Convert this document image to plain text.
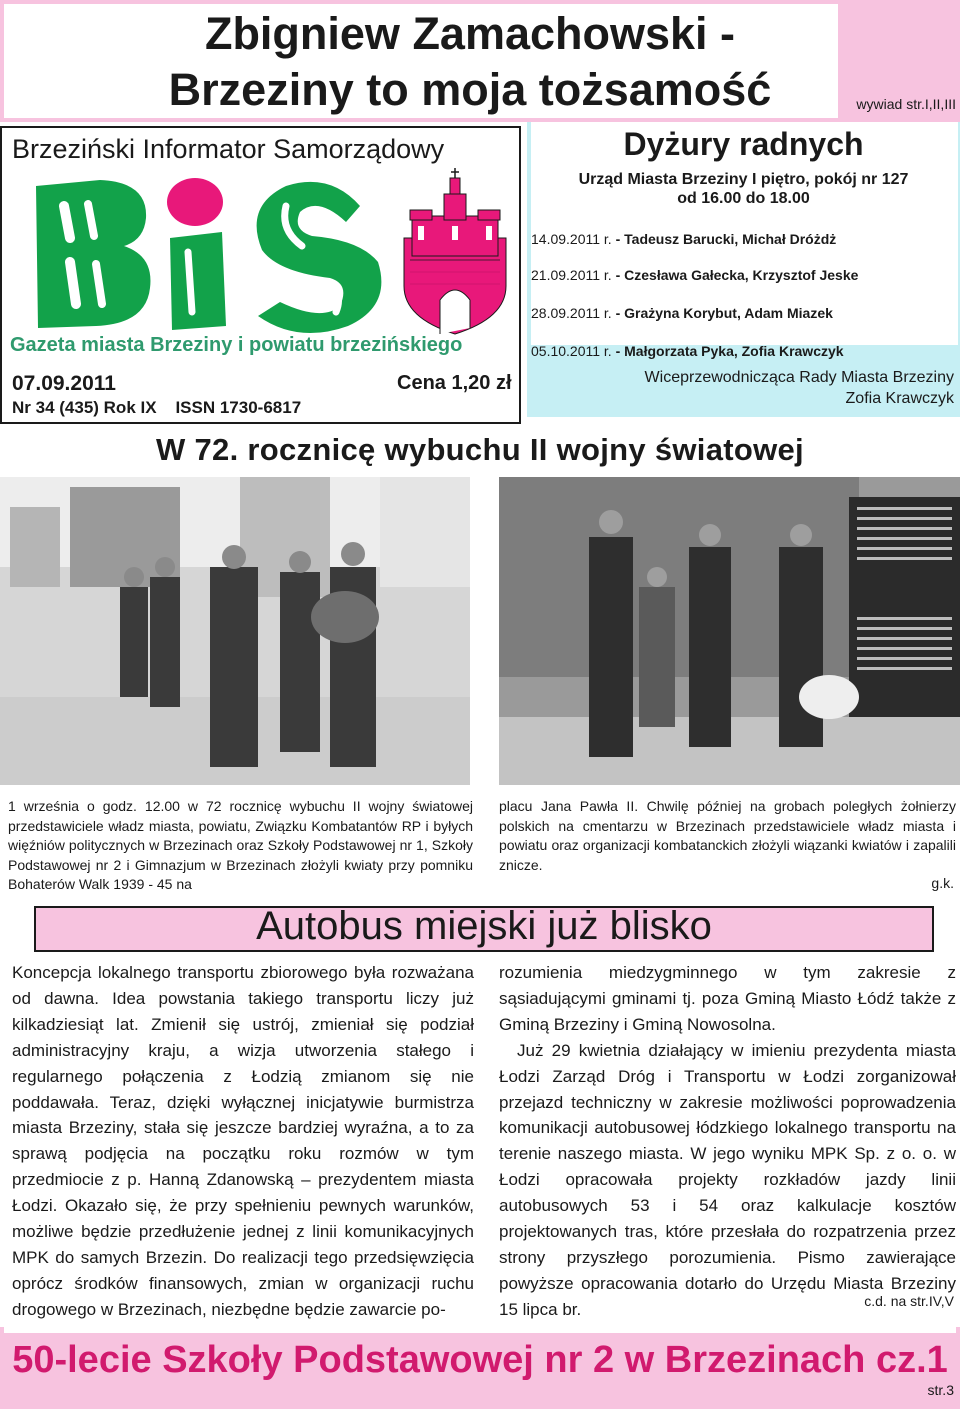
Zbigniew Zamachowski -
Brzeziny to moja tożsamość	wywiad str.I,II,III
Brzeziński Informator Samorządowy
Gazeta miasta Brzeziny i powiatu brzezińskiego
07.09.2011	Cena 1,20 zł
Nr 34 (435) Rok IX    ISSN 1730-6817
Dyżury radnych
Urząd Miasta Brzeziny I piętro, pokój nr 127
od 16.00 do 18.00
14.09.2011 r. - Tadeusz Barucki, Michał Dróżdż
21.09.2011 r. - Czesława Gałecka, Krzysztof Jeske
28.09.2011 r. - Grażyna Korybut, Adam Miazek
05.10.2011 r. - Małgorzata Pyka, Zofia Krawczyk
Wiceprzewodnicząca Rady Miasta Brzeziny
Zofia Krawczyk
W 72. rocznicę wybuchu II wojny światowej
1 września o godz. 12.00 w 72 rocznicę wybuchu II wojny światowej przedstawiciele władz miasta, powiatu, Związku Kombatantów RP i byłych więźniów politycznych w Brzezinach oraz Szkoły Podstawowej nr 1, Szkoły Podstawowej nr 2 i Gimnazjum w Brzezinach złożyli kwiaty przy pomniku Bohaterów Walk 1939 - 45 na
placu Jana Pawła II. Chwilę później na grobach poległych żołnierzy polskich na cmentarzu w Brzezinach przedstawiciele władz miasta i powiatu oraz organizacji kombatanckich złożyli wiązanki kwiatów i zapalili znicze.
g.k.
Autobus miejski już blisko
Koncepcja lokalnego transportu zbiorowego była rozważana od dawna. Idea powstania takiego transportu liczy już kilkadziesiąt lat. Zmienił się ustrój, zmieniał się podział administracyjny kraju, a wizja utworzenia stałego i regularnego połączenia z Łodzią zmianom się nie poddawała. Teraz, dzięki wyłącznej inicjatywie burmistrza miasta Brzeziny, stała się jeszcze bardziej wyraźna, a to za sprawą podjęcia na początku roku rozmów w tym przedmiocie z p. Hanną Zdanowską – prezydentem miasta Łodzi. Okazało się, że przy spełnieniu pewnych warunków, możliwe będzie przedłużenie jednej z linii komunikacyjnych MPK do samych Brzezin. Do realizacji tego przedsięwzięcia oprócz środków finansowych, zmian w organizacji ruchu drogowego w Brzezinach, niezbędne będzie zawarcie po-

rozumienia miedzygminnego w tym zakresie z sąsiadującymi gminami tj. poza Gminą Miasto Łódź także z Gminą Brzeziny i Gminą Nowosolna.

Już 29 kwietnia działający w imieniu prezydenta miasta Łodzi Zarząd Dróg i Transportu w Łodzi zorganizował przejazd techniczny w zakresie możliwości poprowadzenia komunikacji autobusowej łódzkiego lokalnego transportu na terenie naszego miasta. W jego wyniku MPK Sp. z o. o. w Łodzi opracowała projekty rozkładów jazdy linii autobusowych 53 i 54 oraz kalkulacje kosztów projektowanych tras, które przesłała do rozpatrzenia przez strony przyszłego porozumienia. Pismo zawierające powyższe opracowania dotarło do Urzędu Miasta Brzeziny 15 lipca br.	c.d. na str.IV,V
50-lecie Szkoły Podstawowej nr 2 w Brzezinach cz.1
str.3
